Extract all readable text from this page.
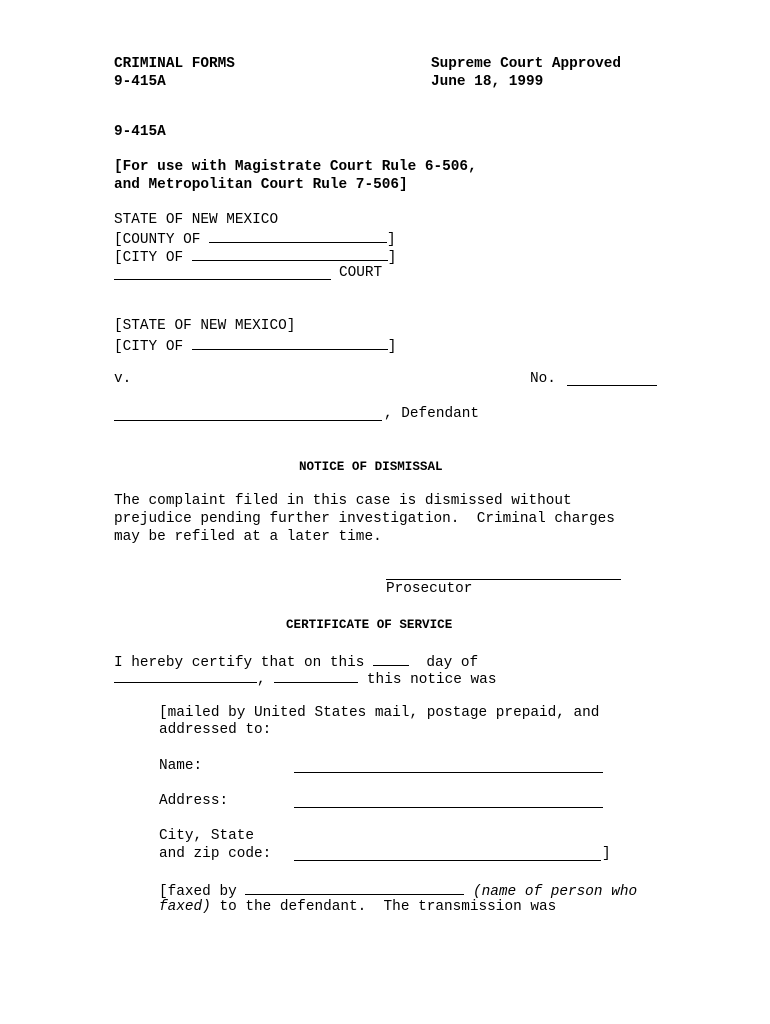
CRIMINAL FORMS
9-415A
Supreme Court Approved
June 18, 1999
9-415A
[For use with Magistrate Court Rule 6-506,
and Metropolitan Court Rule 7-506]
STATE OF NEW MEXICO
[COUNTY OF	]
[CITY OF	]
COURT
[STATE OF NEW MEXICO]
[CITY OF	]
v.	No.
, Defendant
NOTICE OF DISMISSAL
The complaint filed in this case is dismissed without
prejudice pending further investigation.  Criminal charges
may be refiled at a later time.
Prosecutor
CERTIFICATE OF SERVICE
I hereby certify that on this	day of
,	this notice was
[mailed by United States mail, postage prepaid, and
addressed to:
Name:
Address:
City, State
and zip code:	]
[faxed by	(name of person who
faxed) to the defendant.  The transmission was
